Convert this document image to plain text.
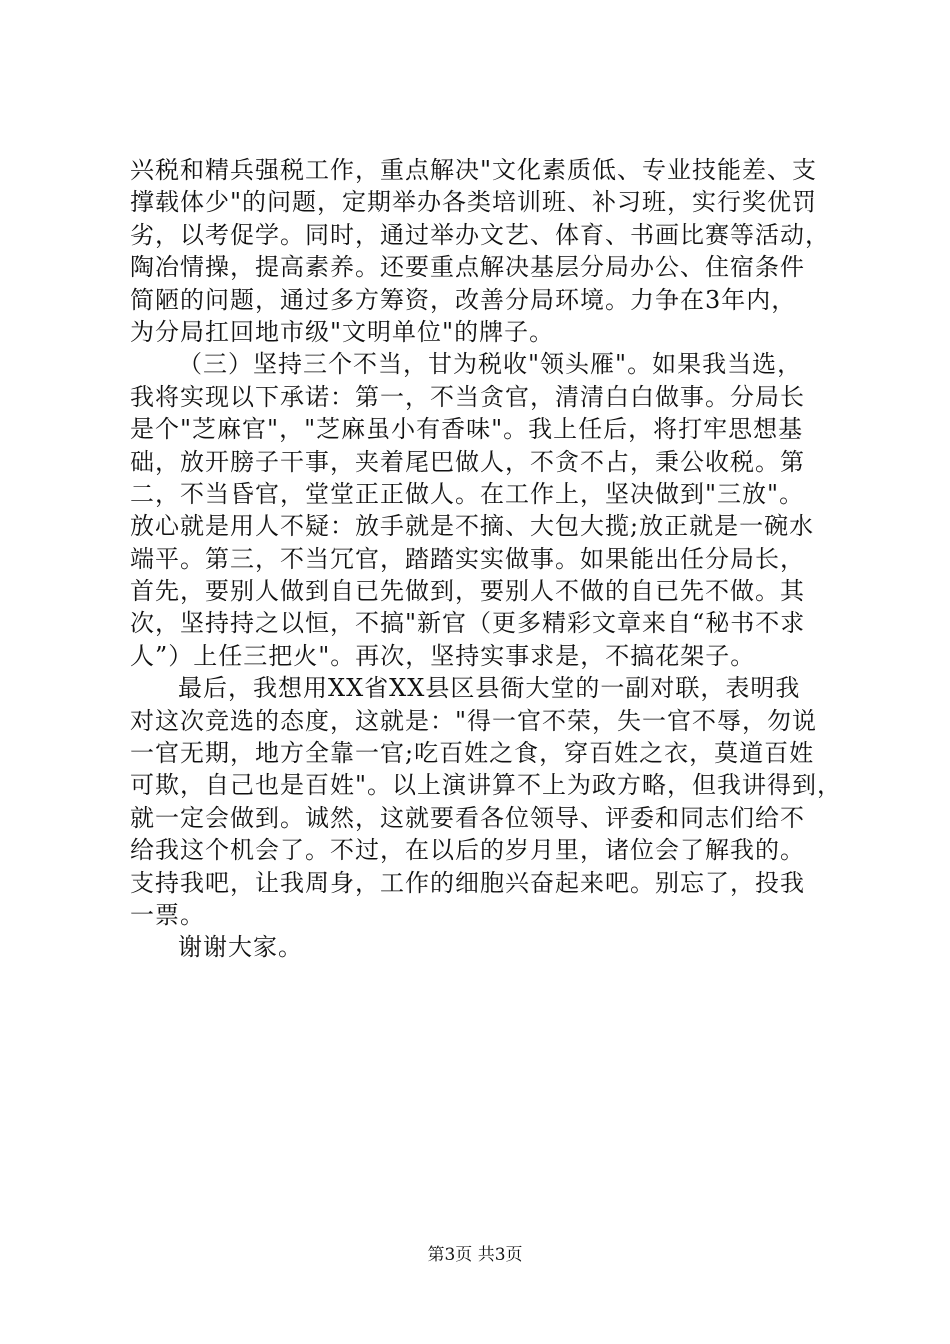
兴税和精兵强税工作，重点解决"文化素质低、专业技能差、支
撑载体少"的问题，定期举办各类培训班、补习班，实行奖优罚
劣，以考促学。同时，通过举办文艺、体育、书画比赛等活动，
陶冶情操，提高素养。还要重点解决基层分局办公、住宿条件
简陋的问题，通过多方筹资，改善分局环境。力争在3年内，
为分局扛回地市级"文明单位"的牌子。
（三）坚持三个不当，甘为税收"领头雁"。如果我当选，
我将实现以下承诺：第一，不当贪官，清清白白做事。分局长
是个"芝麻官"，"芝麻虽小有香味"。我上任后，将打牢思想基
础，放开膀子干事，夹着尾巴做人，不贪不占，秉公收税。第
二，不当昏官，堂堂正正做人。在工作上，坚决做到"三放"。
放心就是用人不疑：放手就是不摘、大包大揽;放正就是一碗水
端平。第三，不当冗官，踏踏实实做事。如果能出任分局长，
首先，要别人做到自已先做到，要别人不做的自已先不做。其
次，坚持持之以恒，不搞"新官（更多精彩文章来自“秘书不求
人”）上任三把火"。再次，坚持实事求是，不搞花架子。
最后，我想用XX省XX县区县衙大堂的一副对联，表明我
对这次竞选的态度，这就是："得一官不荣，失一官不辱，勿说
一官无期，地方全靠一官;吃百姓之食，穿百姓之衣，莫道百姓
可欺，自己也是百姓"。以上演讲算不上为政方略，但我讲得到，
就一定会做到。诚然，这就要看各位领导、评委和同志们给不
给我这个机会了。不过，在以后的岁月里，诸位会了解我的。
支持我吧，让我周身，工作的细胞兴奋起来吧。别忘了，投我
一票。
谢谢大家。
第3页 共3页
